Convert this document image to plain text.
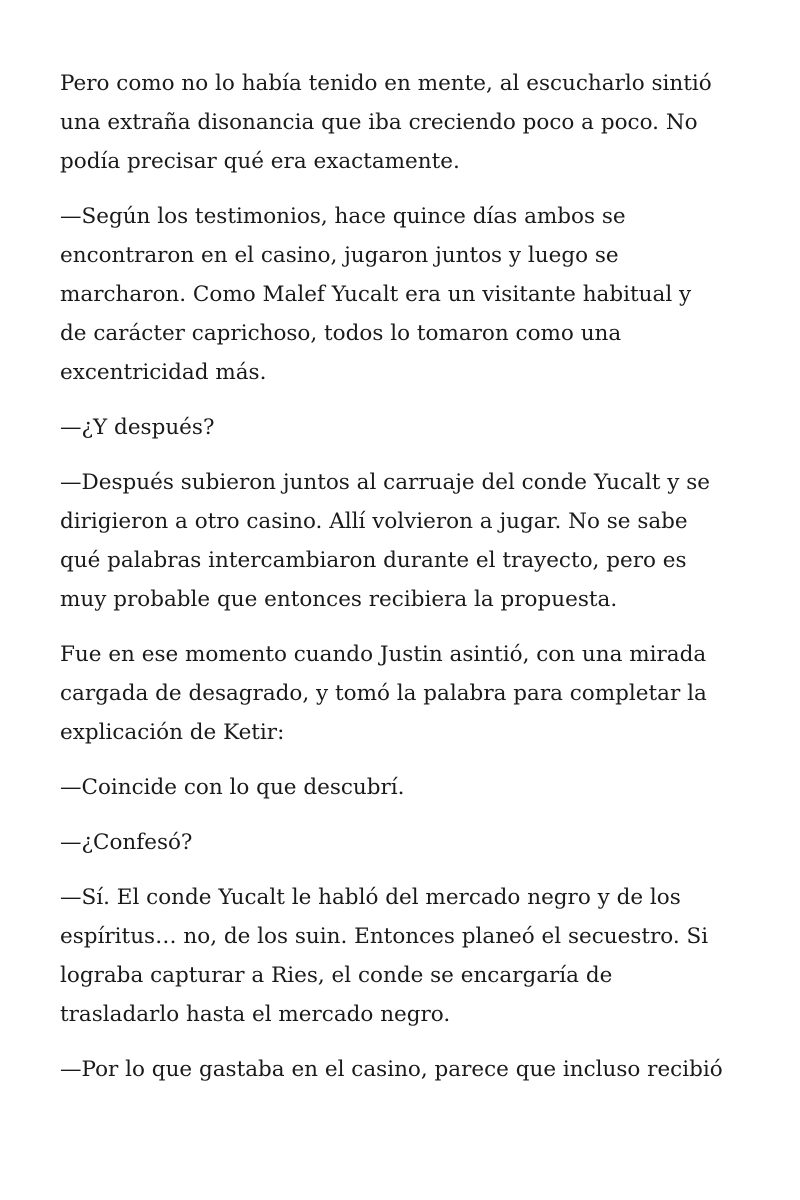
Pero como no lo había tenido en mente, al escucharlo sintió
una extraña disonancia que iba creciendo poco a poco. No
podía precisar qué era exactamente.

—Según los testimonios, hace quince días ambos se
encontraron en el casino, jugaron juntos y luego se
marcharon. Como Malef Yucalt era un visitante habitual y
de carácter caprichoso, todos lo tomaron como una
excentricidad más.

—¿Y después?

—Después subieron juntos al carruaje del conde Yucalt y se
dirigieron a otro casino. Allí volvieron a jugar. No se sabe
qué palabras intercambiaron durante el trayecto, pero es
muy probable que entonces recibiera la propuesta.

Fue en ese momento cuando Justin asintió, con una mirada
cargada de desagrado, y tomó la palabra para completar la
explicación de Ketir:

—Coincide con lo que descubrí.

—¿Confesó?

—Sí. El conde Yucalt le habló del mercado negro y de los
espíritus… no, de los suin. Entonces planeó el secuestro. Si
lograba capturar a Ries, el conde se encargaría de
trasladarlo hasta el mercado negro.

—Por lo que gastaba en el casino, parece que incluso recibió
